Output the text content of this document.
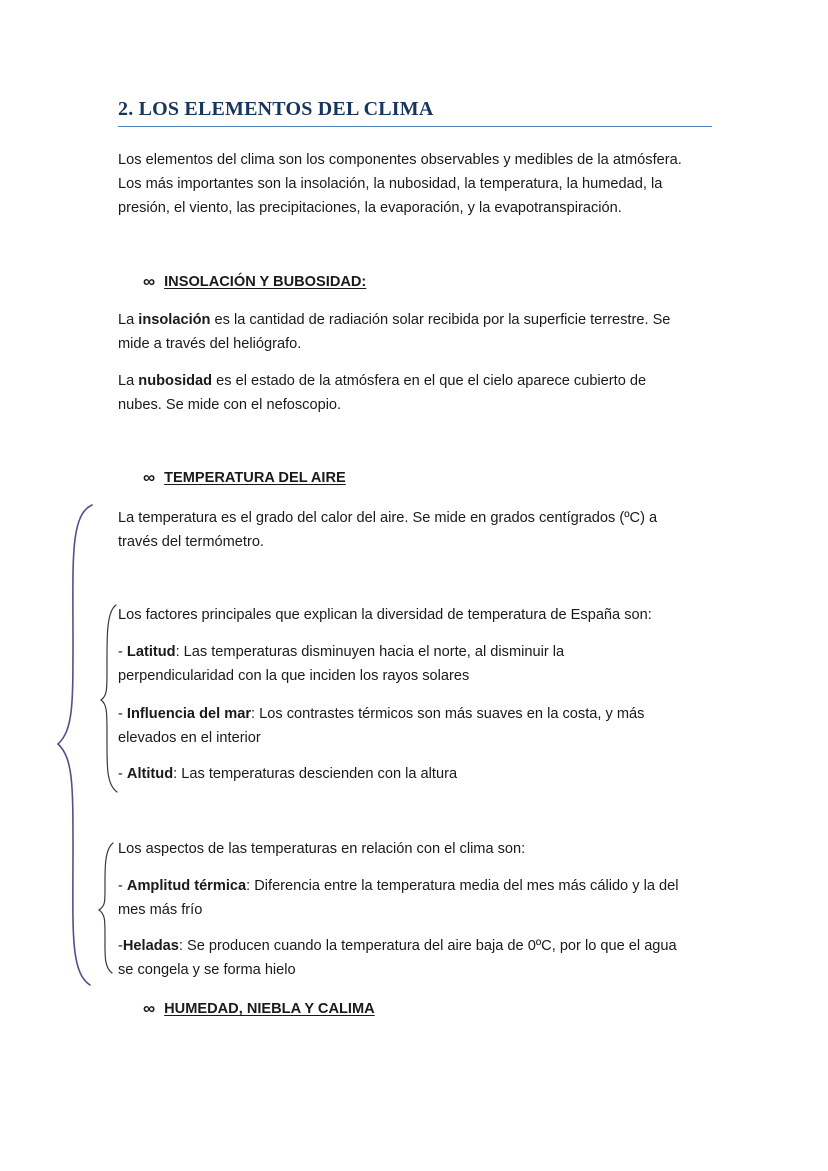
2. LOS ELEMENTOS DEL CLIMA
Los elementos del clima son los componentes observables y medibles de la atmósfera.
Los más importantes son la insolación, la nubosidad, la temperatura, la humedad, la
presión, el viento, las precipitaciones, la evaporación, y la evapotranspiración.
∞ INSOLACIÓN Y BUBOSIDAD:
La insolación es la cantidad de radiación solar recibida por la superficie terrestre. Se
mide a través del heliógrafo.
La nubosidad es el estado de la atmósfera en el que el cielo aparece cubierto de
nubes. Se mide con el nefoscopio.
∞ TEMPERATURA DEL AIRE
La temperatura es el grado del calor del aire. Se mide en grados centígrados (ºC) a
través del termómetro.
Los factores principales que explican la diversidad de temperatura de España son:
- Latitud: Las temperaturas disminuyen hacia el norte, al disminuir la
perpendicularidad con la que inciden los rayos solares
- Influencia del mar: Los contrastes térmicos son más suaves en la costa, y más
elevados en el interior
- Altitud: Las temperaturas descienden con la altura
Los aspectos de las temperaturas en relación con el clima son:
- Amplitud térmica: Diferencia entre la temperatura media del mes más cálido y la del
mes más frío
-Heladas: Se producen cuando la temperatura del aire baja de 0ºC, por lo que el agua
se congela y se forma hielo
∞ HUMEDAD, NIEBLA Y CALIMA
